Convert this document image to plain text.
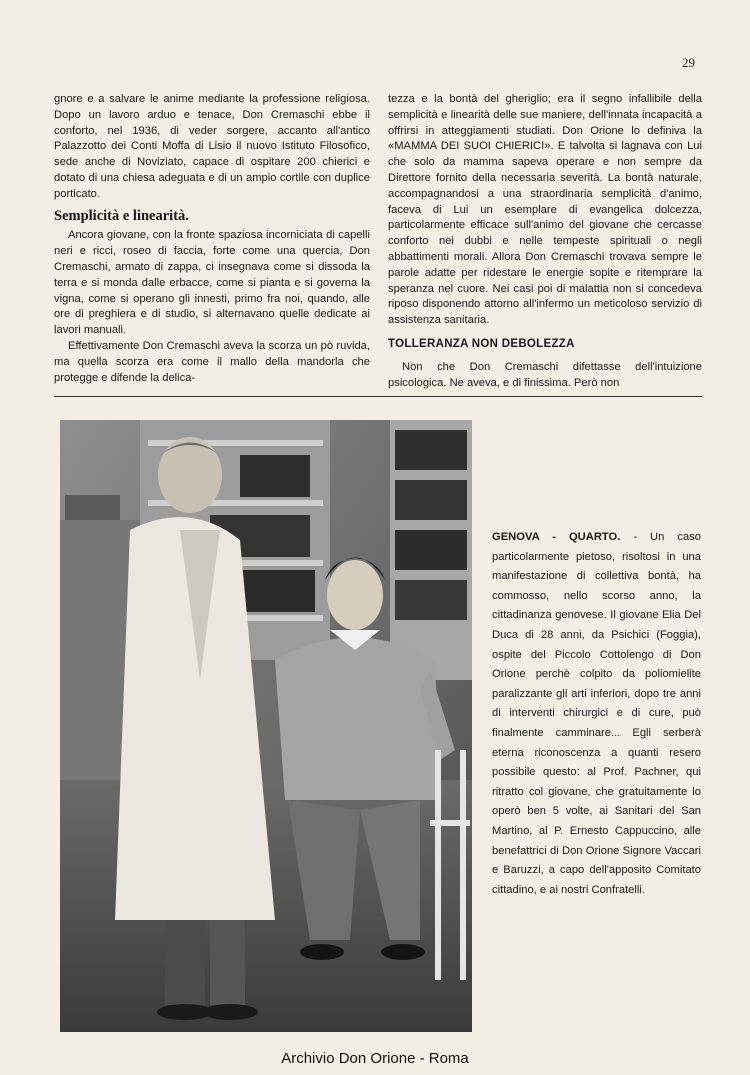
29

gnore e a salvare le anime mediante la professione religiosa. Dopo un lavoro arduo e tenace, Don Cremaschi ebbe il conforto, nel 1936, di veder sorgere, accanto all'antico Palazzotto dei Conti Moffa di Lisio il nuovo Istituto Filosofico, sede anche di Noviziato, capace di ospitare 200 chierici e dotato di una chiesa adeguata e di un ampio cortile con duplice porticato.

Semplicità e linearità.

Ancora giovane, con la fronte spaziosa incorniciata di capelli neri e ricci, roseo di faccia, forte come una quercia, Don Cremaschi, armato di zappa, ci insegnava come si dissoda la terra e si monda dalle erbacce, come si pianta e si governa la vigna, come si operano gli innesti, primo fra noi, quando, alle ore di preghiera e di studio, si alternavano quelle dedicate ai lavori manuali.

Effettivamente Don Cremaschi aveva la scorza un pò ruvida, ma quella scorza era come il mallo della mandorla che protegge e difende la delica-

tezza e la bontà del gheriglio; era il segno infallibile della semplicità e linearità delle sue maniere, dell'innata incapacità a offrirsi in atteggiamenti studiati. Don Orione lo definiva la «MAMMA DEI SUOI CHIERICI». E talvolta si lagnava con Lui che solo da mamma sapeva operare e non sempre da Direttore fornito della necessaria severità. La bontà naturale, accompagnandosi a una straordinaria semplicità d'animo, faceva di Lui un esemplare di evangelica dolcezza, particolarmente efficace sull'animo del giovane che cercasse conforto nei dubbi e nelle tempeste spirituali o negli abbattimenti morali. Allora Don Cremaschi trovava sempre le parole adatte per ridestare le energie sopite e ritemprare la speranza nel cuore. Nei casi poi di malattia non si concedeva riposo disponendo attorno all'infermo un meticoloso servizio di assistenza sanitaria.

TOLLERANZA NON DEBOLEZZA

Non che Don Cremaschi difettasse dell'intuizione psicologica. Ne aveva, e di finissima. Però non

GENOVA - QUARTO. - Un caso particolarmente pietoso, risoltosi in una manifestazione di collettiva bontà, ha commosso, nello scorso anno, la cittadinanza genovese. Il giovane Elia Del Duca di 28 anni, da Psichici (Foggia), ospite del Piccolo Cottolengo di Don Orione perchè colpito da poliomielite paralizzante gli arti inferiori, dopo tre anni di interventi chirurgici e di cure, può finalmente camminare... Egli serberà eterna riconoscenza a quanti resero possibile questo: al Prof. Pachner, qui ritratto col giovane, che gratuitamente lo operò ben 5 volte, ai Sanitari del San Martino, al P. Ernesto Cappuccino, alle benefattrici di Don Orione Signore Vaccari e Baruzzi, a capo dell'apposito Comitato cittadino, e ai nostri Confratelli.
Archivio Don Orione - Roma
